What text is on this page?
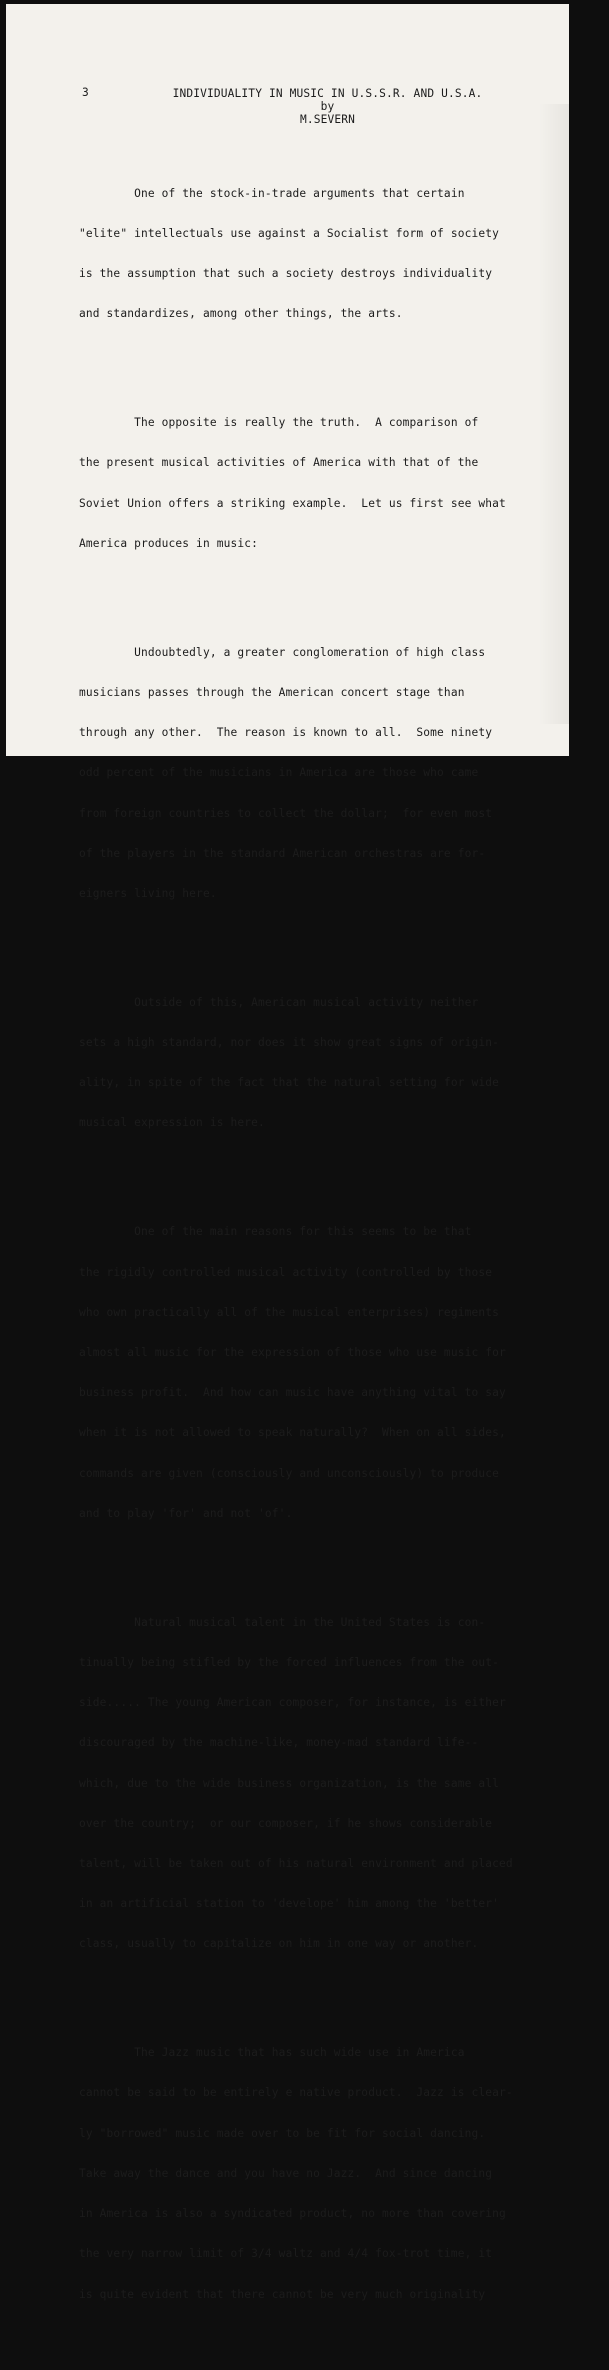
3	INDIVIDUALITY IN MUSIC IN U.S.S.R. AND U.S.A.
by
M.SEVERN

One of the stock-in-trade arguments that certain

"elite" intellectuals use against a Socialist form of society

is the assumption that such a society destroys individuality

and standardizes, among other things, the arts.

The opposite is really the truth.  A comparison of

the present musical activities of America with that of the

Soviet Union offers a striking example.  Let us first see what

America produces in music:

Undoubtedly, a greater conglomeration of high class

musicians passes through the American concert stage than

through any other.  The reason is known to all.  Some ninety

odd percent of the musicians in America are those who came

from foreign countries to collect the dollar;  for even most

of the players in the standard American orchestras are for-

eigners living here.

Outside of this, American musical activity neither

sets a high standard, nor does it show great signs of origin-

ality, in spite of the fact that the natural setting for wide

musical expression is here.

One of the main reasons for this seems to be that

the rigidly controlled musical activity (controlled by those

who own practically all of the musical enterprises) regiments

almost all music for the expression of those who use music for

business profit.  And how can music have anything vital to say

when it is not allowed to speak naturally?  When on all sides,

commands are given (consciously and unconsciously) to produce

and to play 'for' and not 'of'.

Natural musical talent in the United States is con-

tinually being stifled by the forced influences from the out-

side..... The young American composer, for instance, is either

discouraged by the machine-like, money-mad standard life--

which, due to the wide business organization, is the same all

over the country;  or our composer, if he shows considerable

talent, will be taken out of his natural environment and placed

in an artificial station to 'develope' him among the 'better'

class, usually to capitalize on him in one way or another.

The Jazz music that has such wide use in America

cannot be said to be entirely e native product.  Jazz is clear-

ly "borrowed" music made over to be fit for social dancing.

Take away the dance and you have no Jazz.  And since dancing

in America is also a syndicated product, no more than covering

the very narrow limit of 3/4 waltz and 4/4 fox-trot time, it

is quite evident that there cannot be very much originality
